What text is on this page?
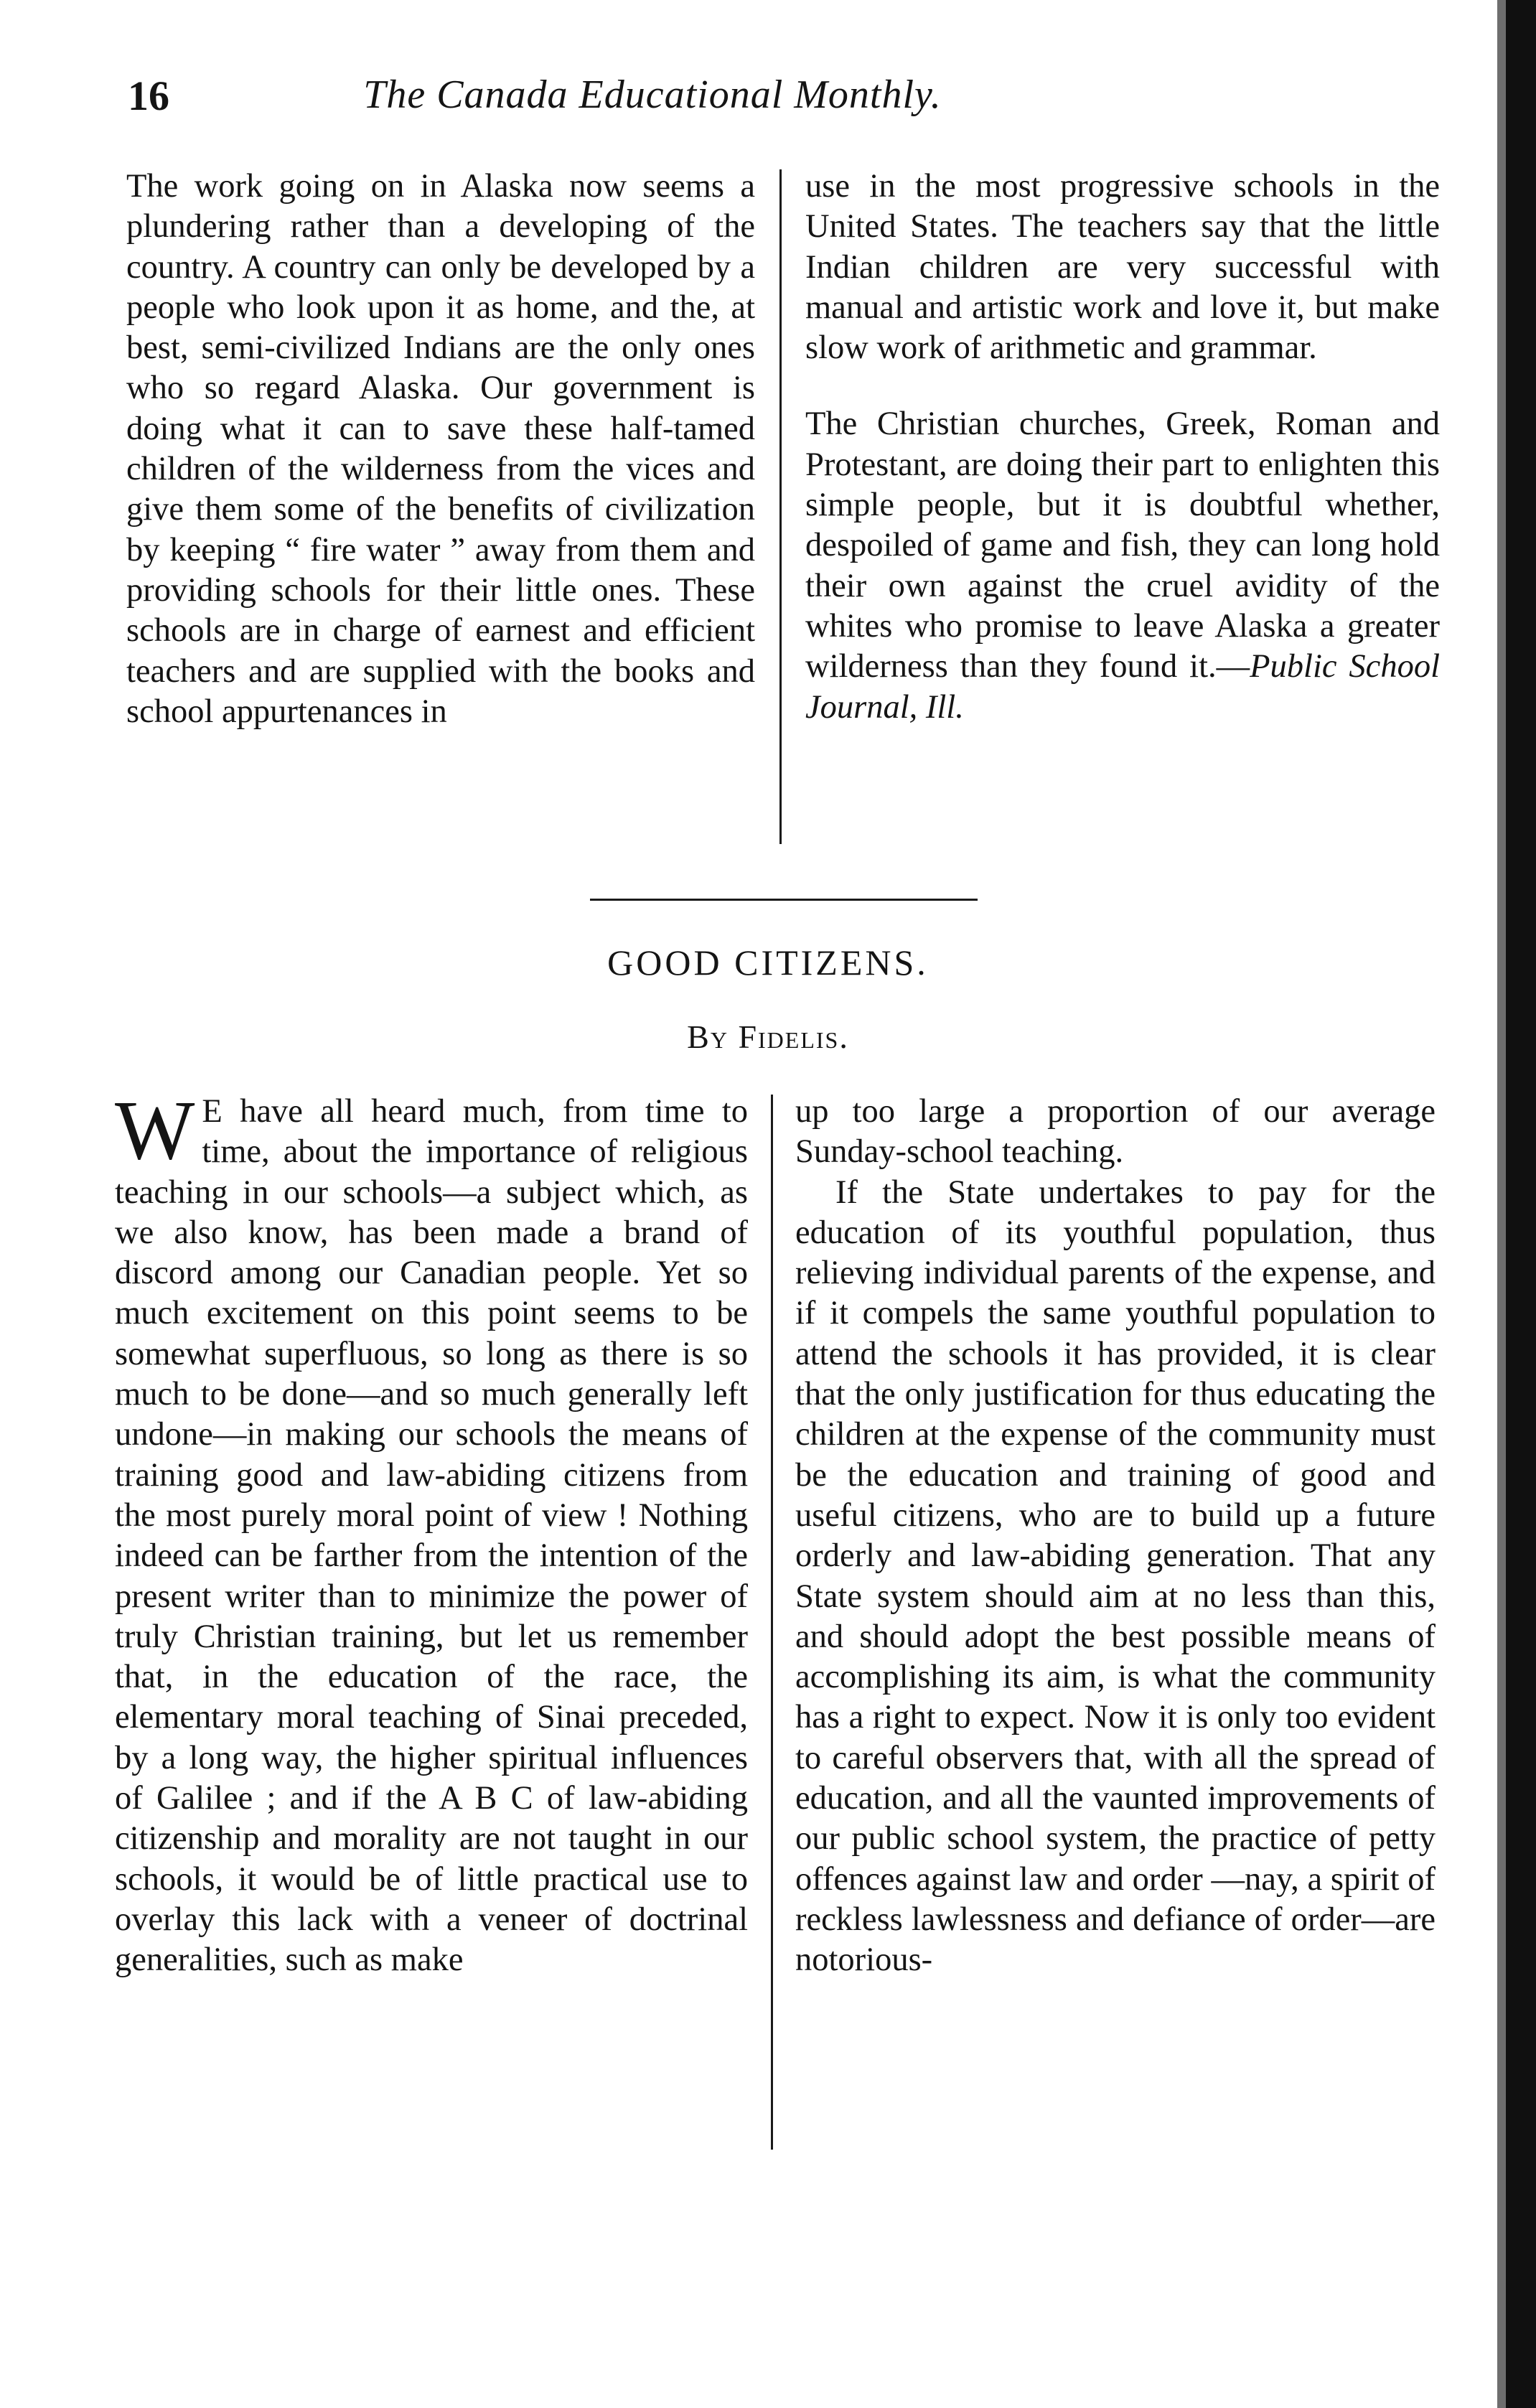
16	The Canada Educational Monthly.

The work going on in Alaska now seems a plundering rather than a developing of the country. A country can only be developed by a people who look upon it as home, and the, at best, semi-civilized Indians are the only ones who so regard Alaska. Our government is doing what it can to save these half-tamed children of the wilderness from the vices and give them some of the benefits of civilization by keeping “ fire water ” away from them and providing schools for their little ones. These schools are in charge of earnest and efficient teachers and are supplied with the books and school appurtenances in

use in the most progressive schools in the United States. The teachers say that the little Indian children are very successful with manual and artistic work and love it, but make slow work of arithmetic and grammar.

The Christian churches, Greek, Roman and Protestant, are doing their part to enlighten this simple people, but it is doubtful whether, despoiled of game and fish, they can long hold their own against the cruel avidity of the whites who promise to leave Alaska a greater wilderness than they found it.—Public School Journal, Ill.

GOOD CITIZENS.
By Fidelis.

W E have all heard much, from time to time, about the importance of religious teaching in our schools—a subject which, as we also know, has been made a brand of discord among our Canadian people. Yet so much excitement on this point seems to be somewhat superfluous, so long as there is so much to be done—and so much generally left undone—in making our schools the means of training good and law-abiding citizens from the most purely moral point of view ! Nothing indeed can be farther from the intention of the present writer than to minimize the power of truly Christian training, but let us remember that, in the education of the race, the elementary moral teaching of Sinai preceded, by a long way, the higher spiritual influences of Galilee ; and if the A B C of law-abiding citizenship and morality are not taught in our schools, it would be of little practical use to overlay this lack with a veneer of doctrinal generalities, such as make

up too large a proportion of our average Sunday-school teaching.

If the State undertakes to pay for the education of its youthful population, thus relieving individual parents of the expense, and if it compels the same youthful population to attend the schools it has provided, it is clear that the only justification for thus educating the children at the expense of the community must be the education and training of good and useful citizens, who are to build up a future orderly and law-abiding generation. That any State system should aim at no less than this, and should adopt the best possible means of accomplishing its aim, is what the community has a right to expect. Now it is only too evident to careful observers that, with all the spread of education, and all the vaunted improvements of our public school system, the practice of petty offences against law and order —nay, a spirit of reckless lawlessness and defiance of order—are notorious-
